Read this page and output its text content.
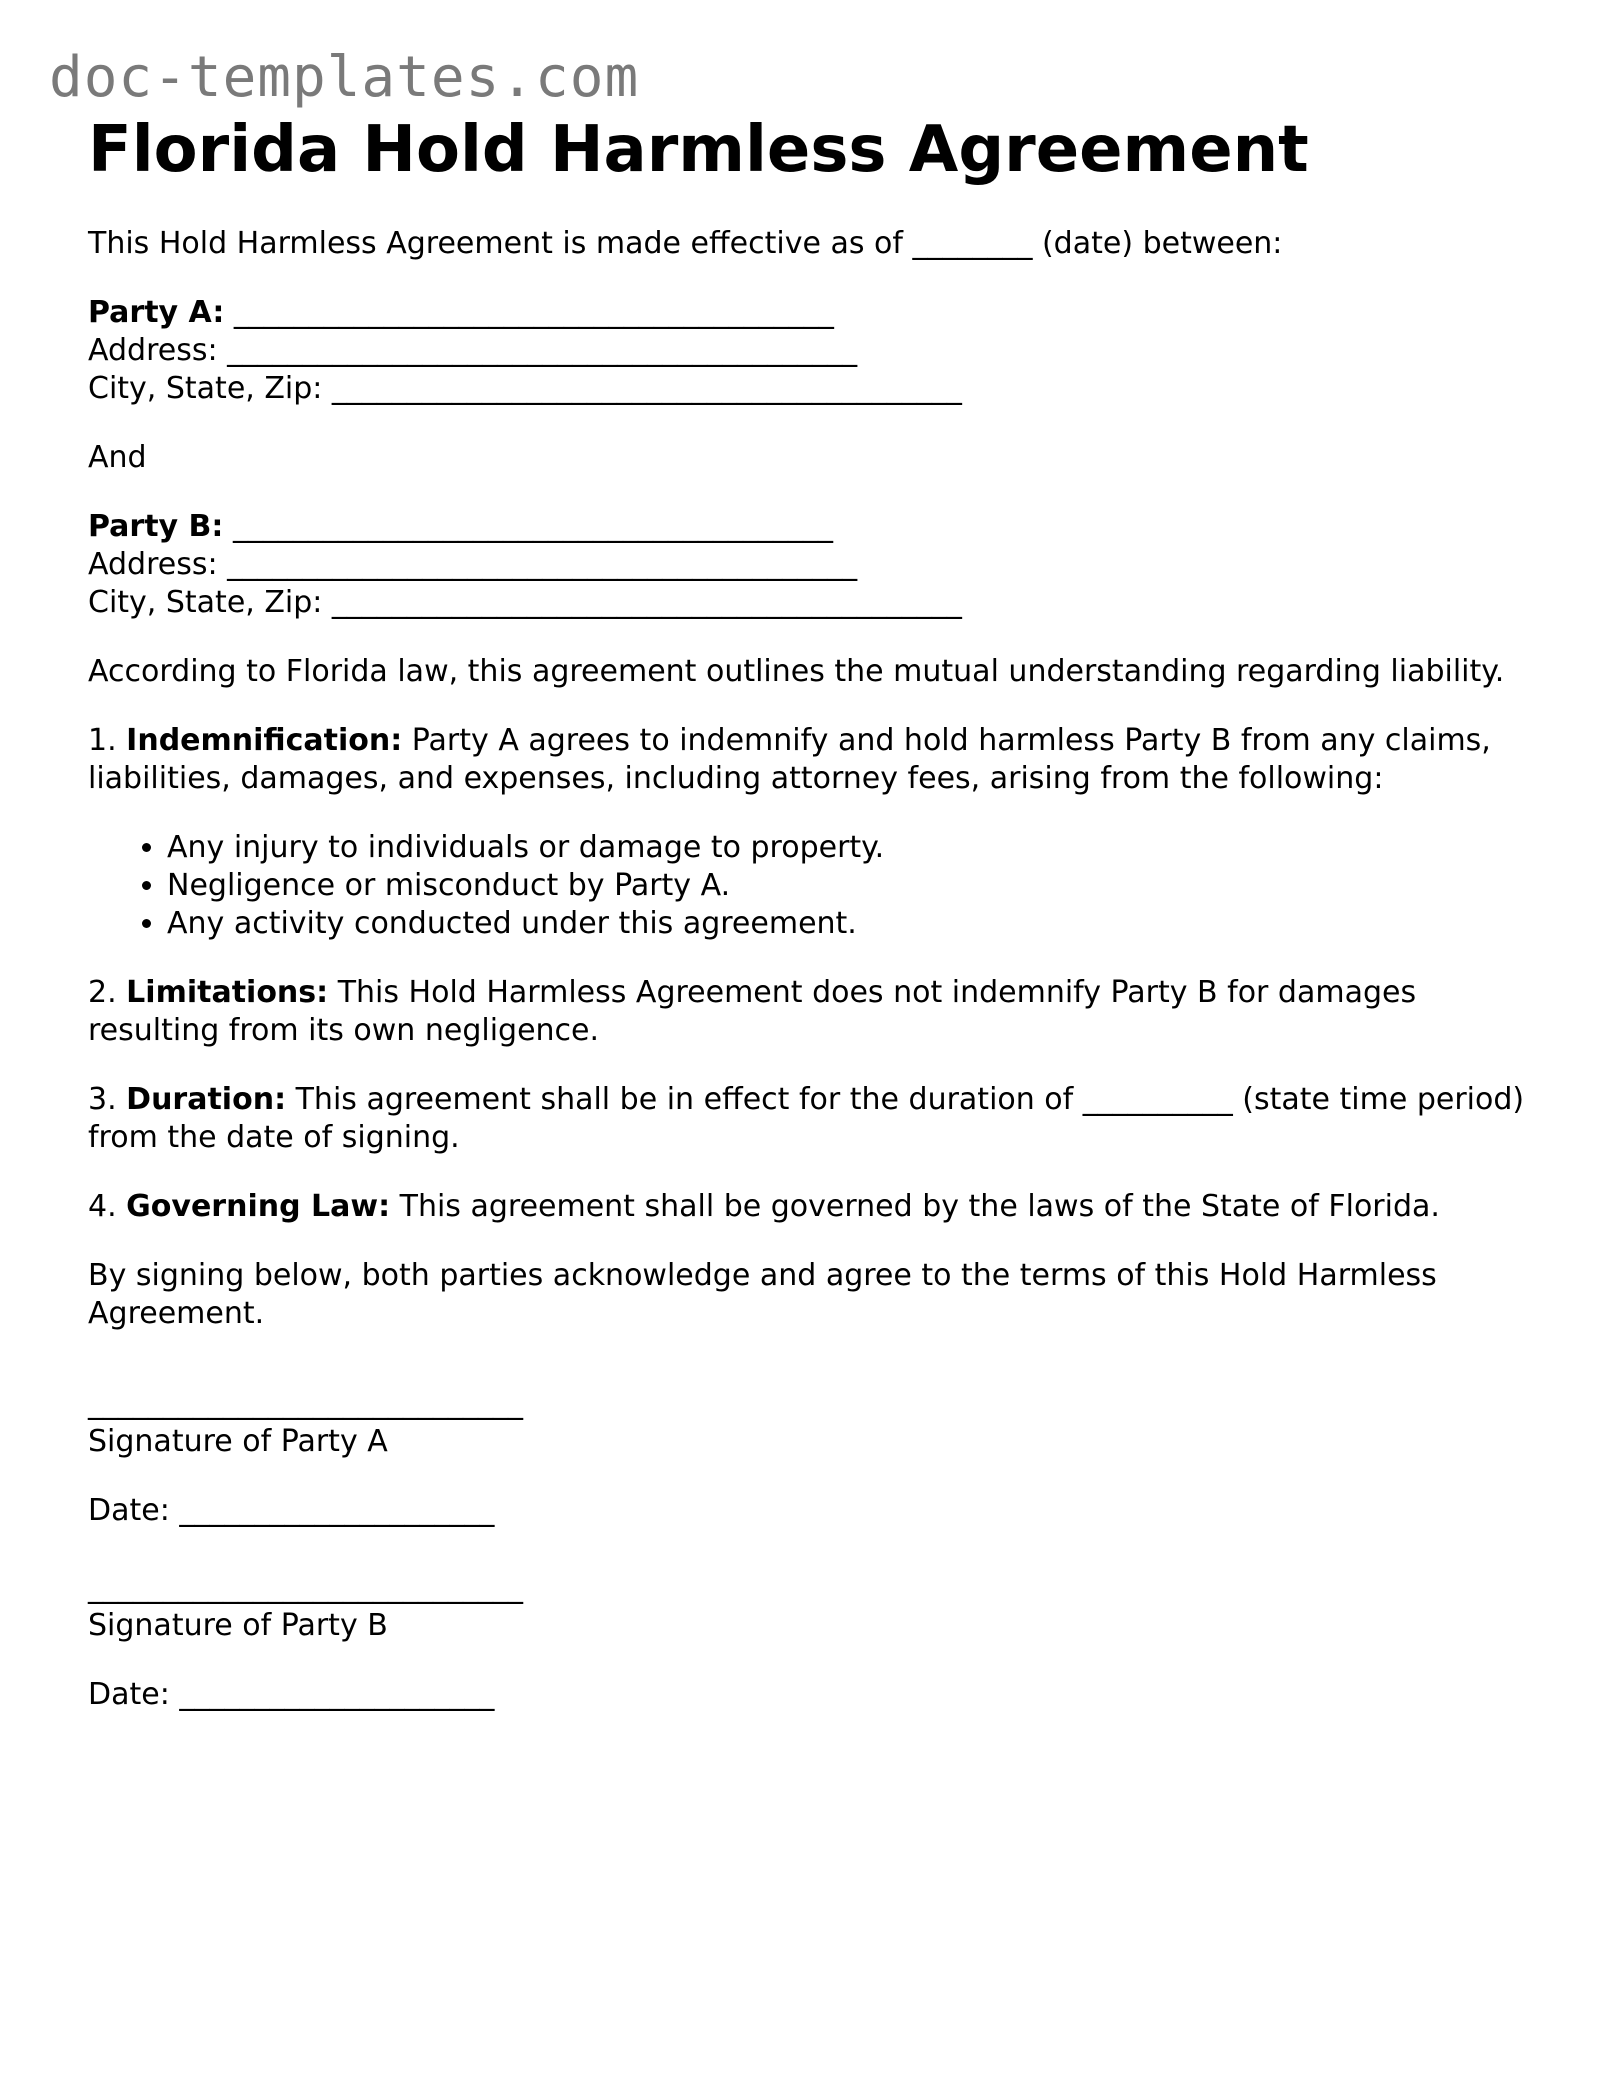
doc-templates.com
Florida Hold Harmless Agreement

This Hold Harmless Agreement is made effective as of ________ (date) between:

Party A: ________________________________________

Address: __________________________________________

City, State, Zip: __________________________________________

And

Party B: ________________________________________

Address: __________________________________________

City, State, Zip: __________________________________________

According to Florida law, this agreement outlines the mutual understanding regarding liability.

1. Indemnification: Party A agrees to indemnify and hold harmless Party B from any claims, liabilities, damages, and expenses, including attorney fees, arising from the following:

• Any injury to individuals or damage to property.
• Negligence or misconduct by Party A.
• Any activity conducted under this agreement.

2. Limitations: This Hold Harmless Agreement does not indemnify Party B for damages resulting from its own negligence.

3. Duration: This agreement shall be in effect for the duration of __________ (state time period) from the date of signing.

4. Governing Law: This agreement shall be governed by the laws of the State of Florida.

By signing below, both parties acknowledge and agree to the terms of this Hold Harmless Agreement.

_____________________________

Signature of Party A

Date: _____________________

_____________________________

Signature of Party B

Date: _____________________
